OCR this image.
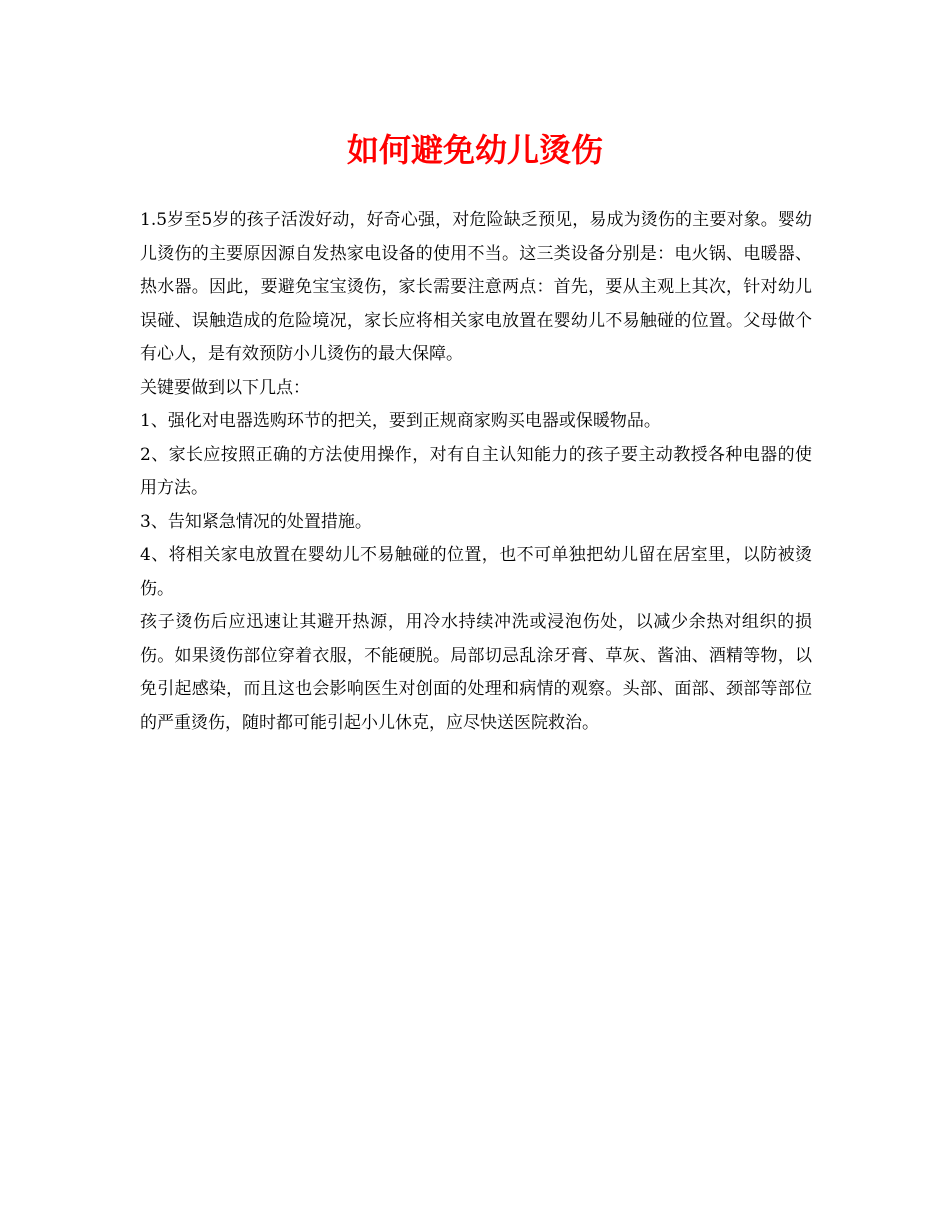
如何避免幼儿烫伤

1.5岁至5岁的孩子活泼好动，好奇心强，对危险缺乏预见，易成为烫伤的主要对象。婴幼儿烫伤的主要原因源自发热家电设备的使用不当。这三类设备分别是：电火锅、电暖器、热水器。因此，要避免宝宝烫伤，家长需要注意两点：首先，要从主观上其次，针对幼儿误碰、误触造成的危险境况，家长应将相关家电放置在婴幼儿不易触碰的位置。父母做个有心人，是有效预防小儿烫伤的最大保障。

关键要做到以下几点：

1、强化对电器选购环节的把关，要到正规商家购买电器或保暖物品。

2、家长应按照正确的方法使用操作，对有自主认知能力的孩子要主动教授各种电器的使用方法。

3、告知紧急情况的处置措施。

4、将相关家电放置在婴幼儿不易触碰的位置，也不可单独把幼儿留在居室里，以防被烫伤。

孩子烫伤后应迅速让其避开热源，用冷水持续冲洗或浸泡伤处，以减少余热对组织的损伤。如果烫伤部位穿着衣服，不能硬脱。局部切忌乱涂牙膏、草灰、酱油、酒精等物，以免引起感染，而且这也会影响医生对创面的处理和病情的观察。头部、面部、颈部等部位的严重烫伤，随时都可能引起小儿休克，应尽快送医院救治。
